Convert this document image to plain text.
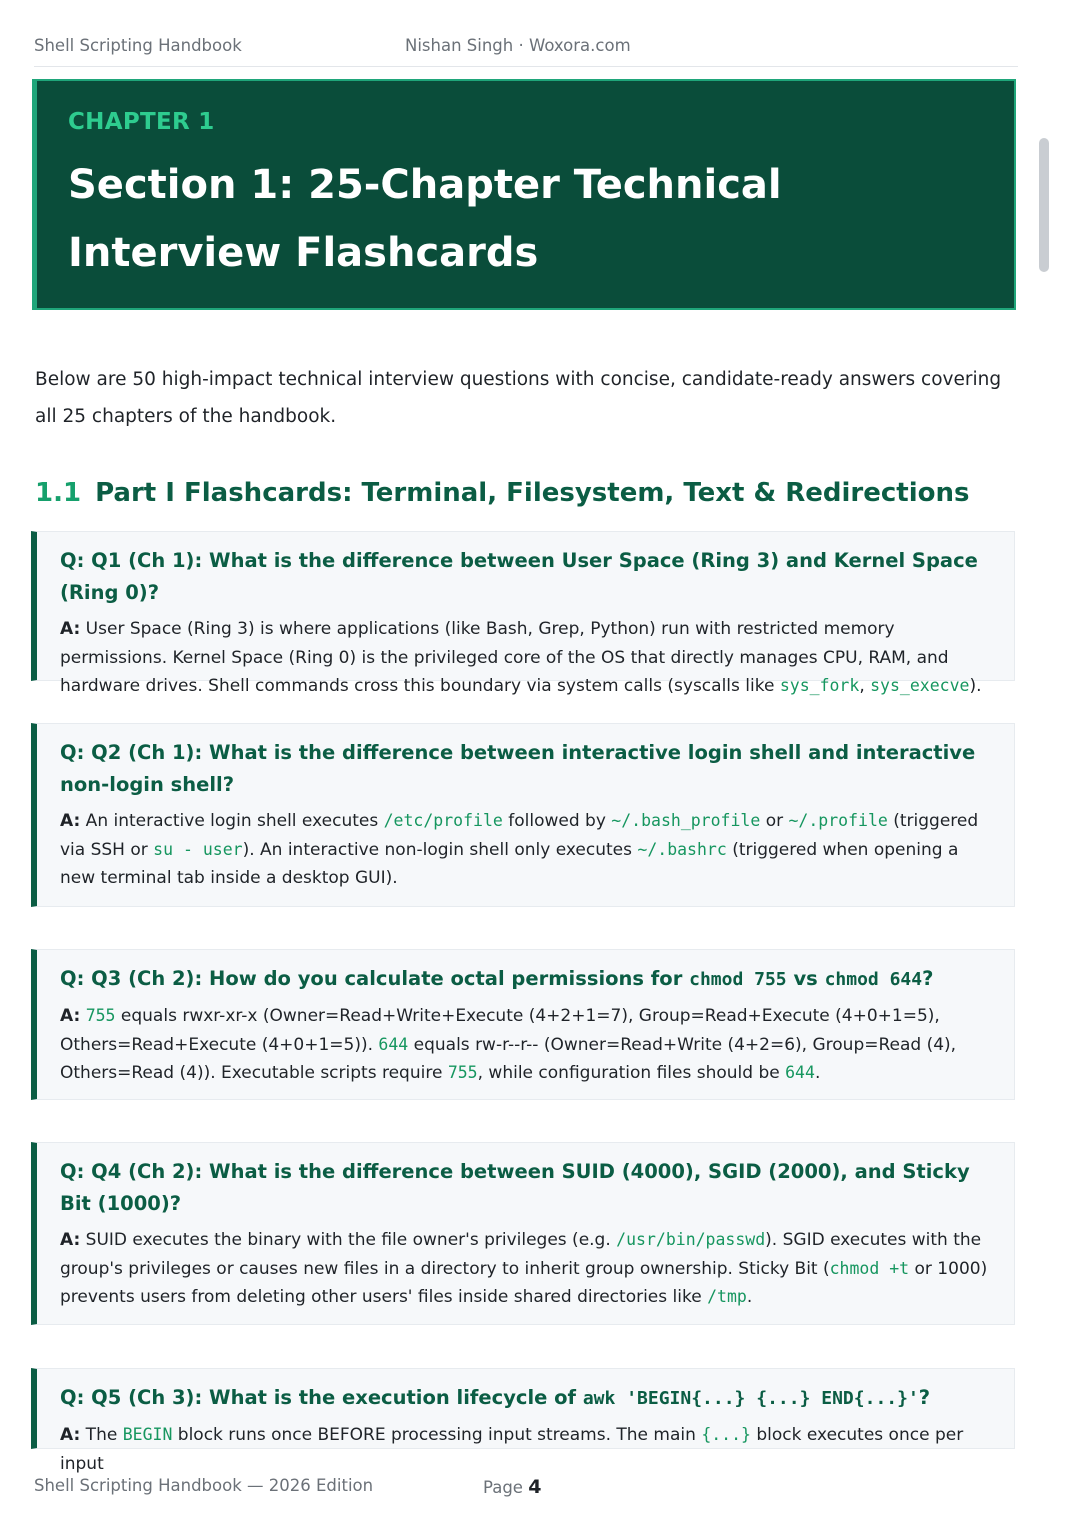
Shell Scripting Handbook	Nishan Singh · Woxora.com
CHAPTER 1
Section 1: 25-Chapter Technical Interview Flashcards

Below are 50 high-impact technical interview questions with concise, candidate-ready answers covering all 25 chapters of the handbook.

1.1 Part I Flashcards: Terminal, Filesystem, Text & Redirections
Q: Q1 (Ch 1): What is the difference between User Space (Ring 3) and Kernel Space (Ring 0)?
A: User Space (Ring 3) is where applications (like Bash, Grep, Python) run with restricted memory permissions. Kernel Space (Ring 0) is the privileged core of the OS that directly manages CPU, RAM, and hardware drives. Shell commands cross this boundary via system calls (syscalls like sys_fork, sys_execve).
Q: Q2 (Ch 1): What is the difference between interactive login shell and interactive non-login shell?
A: An interactive login shell executes /etc/profile followed by ~/.bash_profile or ~/.profile (triggered via SSH or su - user). An interactive non-login shell only executes ~/.bashrc (triggered when opening a new terminal tab inside a desktop GUI).
Q: Q3 (Ch 2): How do you calculate octal permissions for chmod 755 vs chmod 644?
A: 755 equals rwxr-xr-x (Owner=Read+Write+Execute (4+2+1=7), Group=Read+Execute (4+0+1=5), Others=Read+Execute (4+0+1=5)). 644 equals rw-r--r-- (Owner=Read+Write (4+2=6), Group=Read (4), Others=Read (4)). Executable scripts require 755, while configuration files should be 644.
Q: Q4 (Ch 2): What is the difference between SUID (4000), SGID (2000), and Sticky Bit (1000)?
A: SUID executes the binary with the file owner's privileges (e.g. /usr/bin/passwd). SGID executes with the group's privileges or causes new files in a directory to inherit group ownership. Sticky Bit (chmod +t or 1000) prevents users from deleting other users' files inside shared directories like /tmp.
Q: Q5 (Ch 3): What is the execution lifecycle of awk 'BEGIN{...} {...} END{...}'?
A: The BEGIN block runs once BEFORE processing input streams. The main {...} block executes once per input
Shell Scripting Handbook — 2026 Edition	Page 4
